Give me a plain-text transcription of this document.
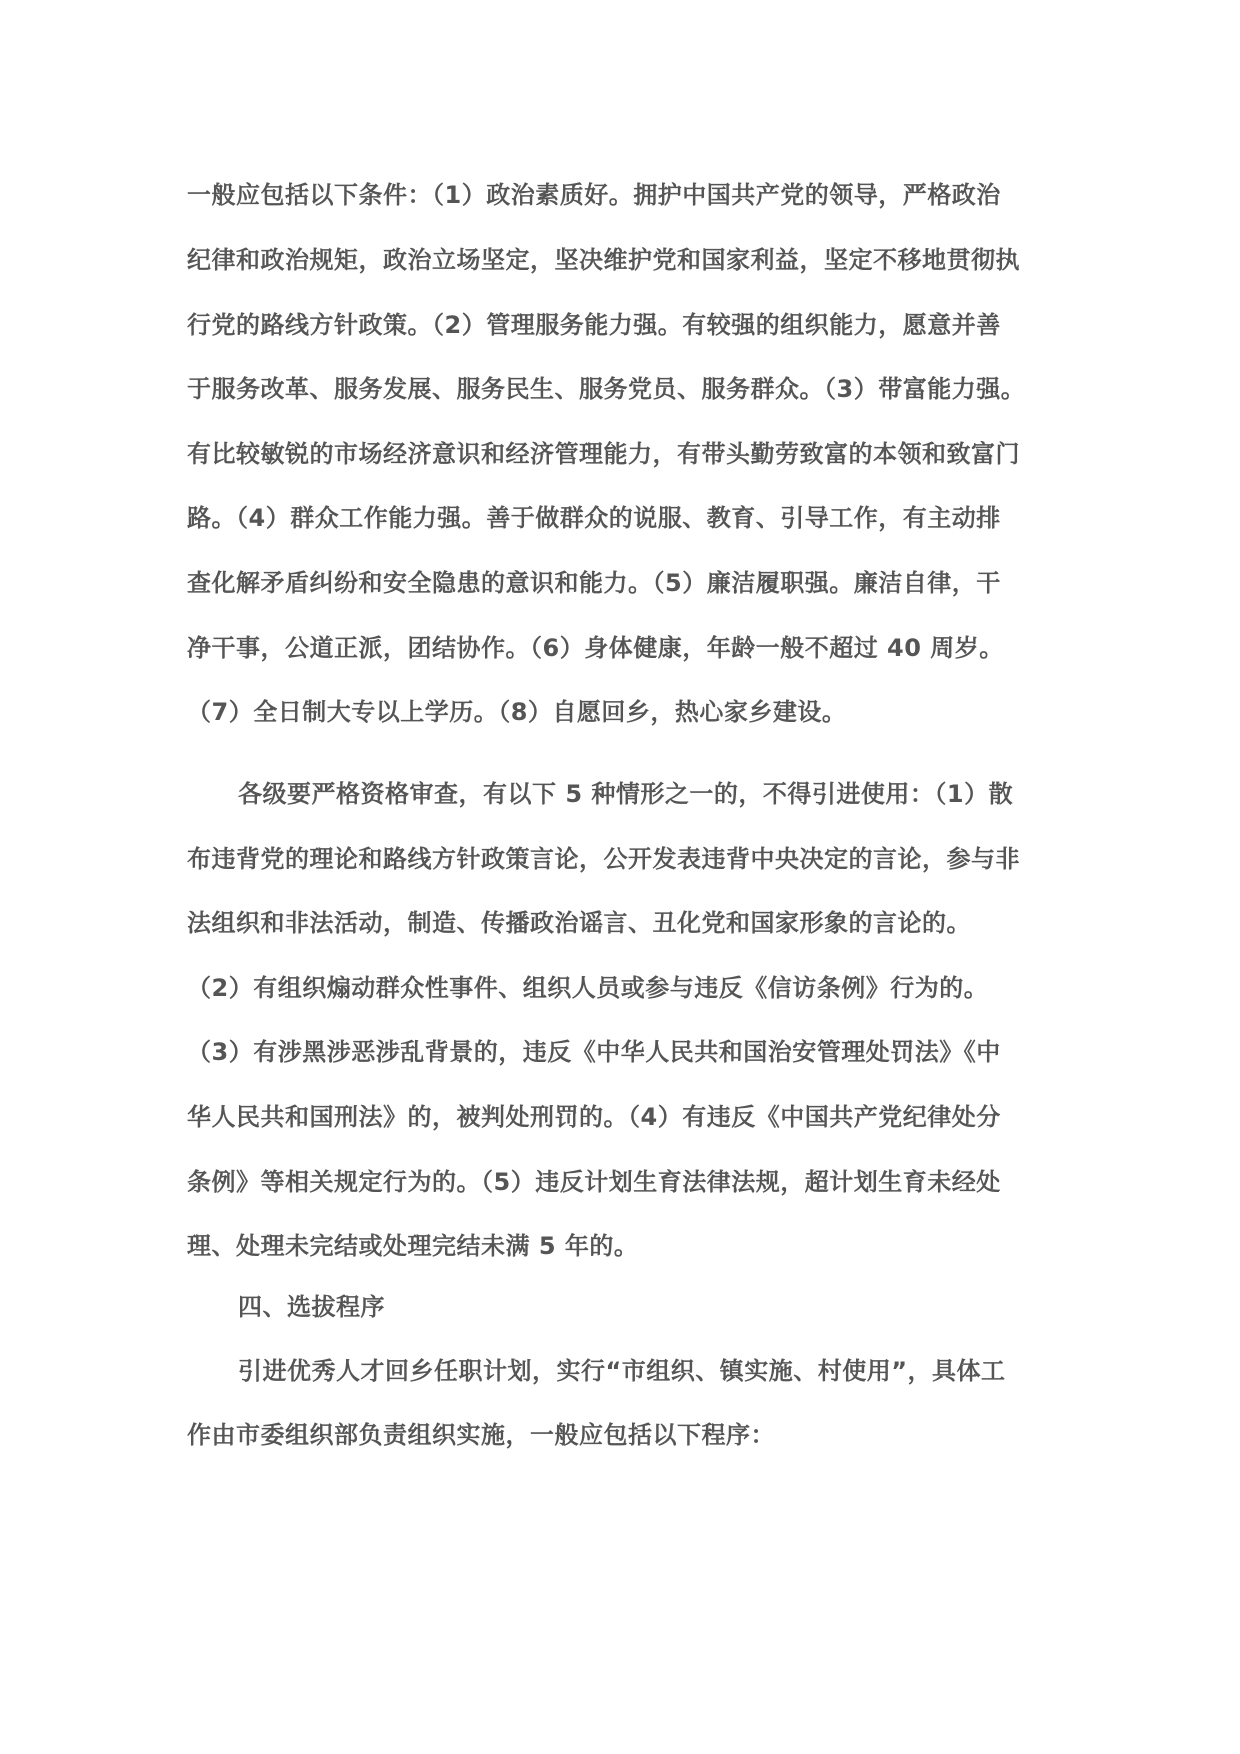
一般应包括以下条件：（1）政治素质好。拥护中国共产党的领导，严格政治

纪律和政治规矩，政治立场坚定，坚决维护党和国家利益，坚定不移地贯彻执

行党的路线方针政策。（2）管理服务能力强。有较强的组织能力，愿意并善

于服务改革、服务发展、服务民生、服务党员、服务群众。（3）带富能力强。

有比较敏锐的市场经济意识和经济管理能力，有带头勤劳致富的本领和致富门

路。（4）群众工作能力强。善于做群众的说服、教育、引导工作，有主动排

查化解矛盾纠纷和安全隐患的意识和能力。（5）廉洁履职强。廉洁自律，干

净干事，公道正派，团结协作。（6）身体健康，年龄一般不超过 40 周岁。

（7）全日制大专以上学历。（8）自愿回乡，热心家乡建设。

各级要严格资格审查，有以下 5 种情形之一的，不得引进使用：（1）散

布违背党的理论和路线方针政策言论，公开发表违背中央决定的言论，参与非

法组织和非法活动，制造、传播政治谣言、丑化党和国家形象的言论的。

（2）有组织煽动群众性事件、组织人员或参与违反《信访条例》行为的。

（3）有涉黑涉恶涉乱背景的，违反《中华人民共和国治安管理处罚法》《中

华人民共和国刑法》的，被判处刑罚的。（4）有违反《中国共产党纪律处分

条例》等相关规定行为的。（5）违反计划生育法律法规，超计划生育未经处

理、处理未完结或处理完结未满 5 年的。

四、选拔程序

引进优秀人才回乡任职计划，实行“市组织、镇实施、村使用”，具体工

作由市委组织部负责组织实施，一般应包括以下程序：
